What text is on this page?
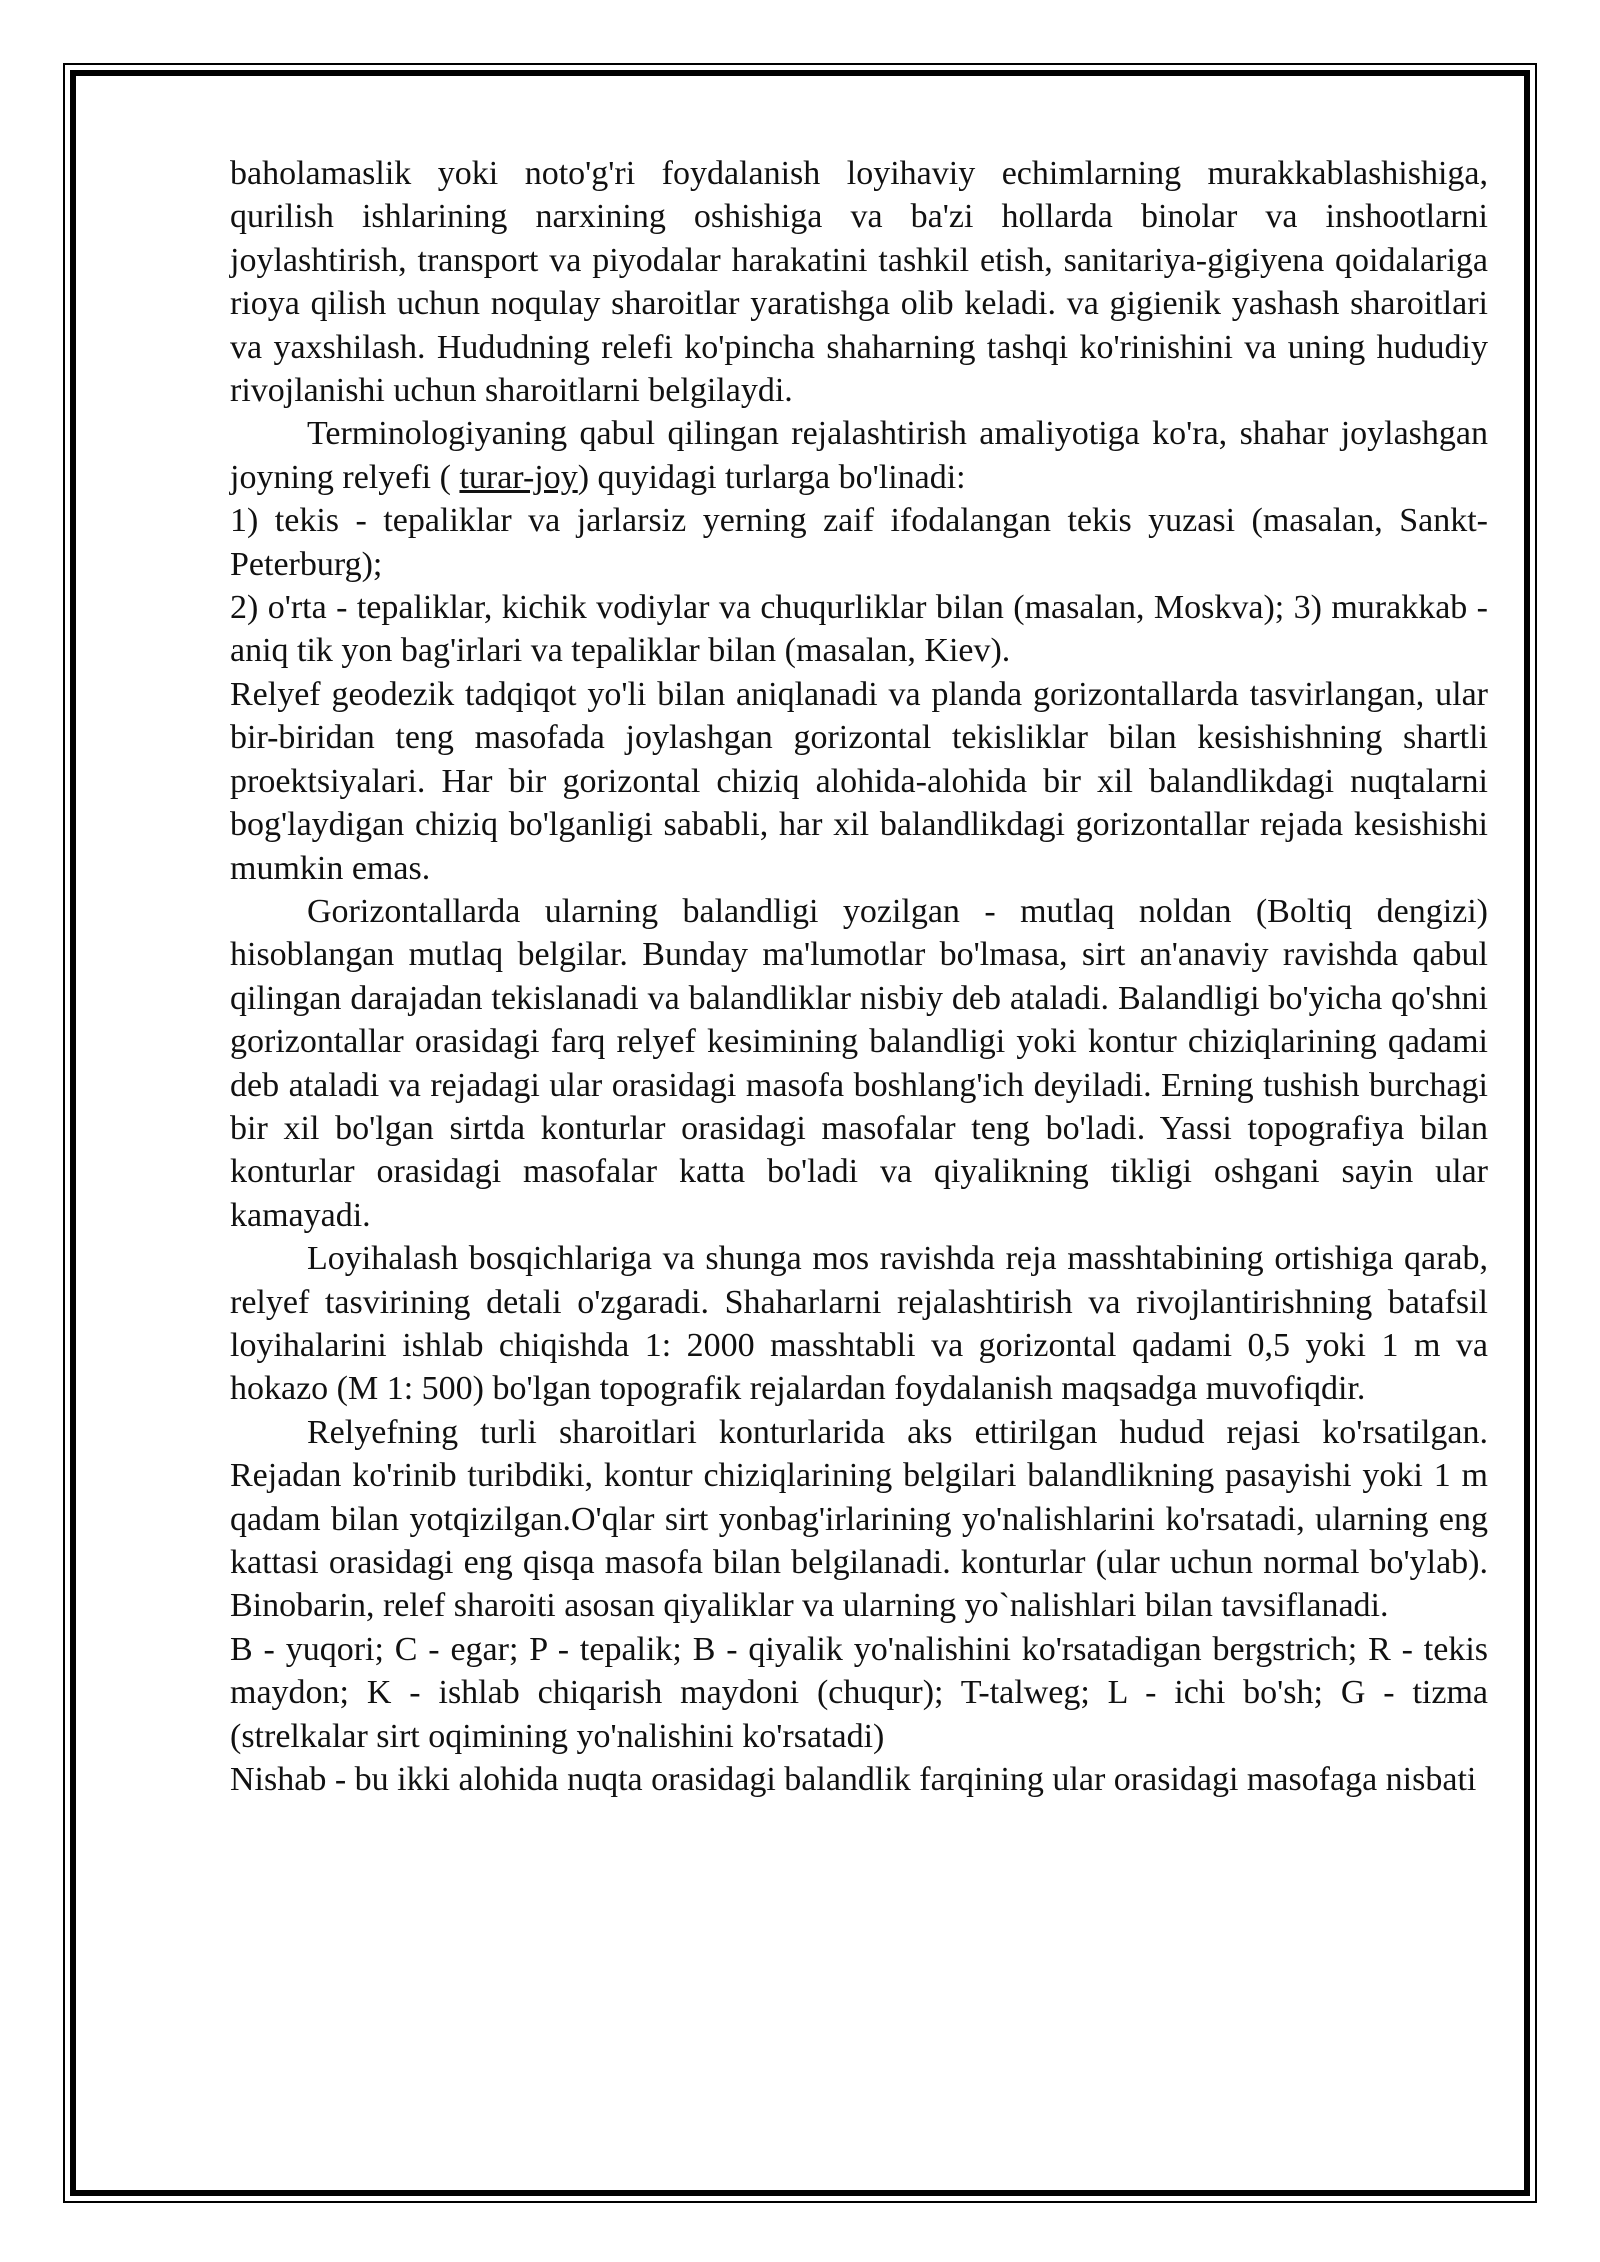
baholamaslik yoki noto'g'ri foydalanish loyihaviy echimlarning murakkablashishiga, qurilish ishlarining narxining oshishiga va ba'zi hollarda binolar va inshootlarni joylashtirish, transport va piyodalar harakatini tashkil etish, sanitariya-gigiyena qoidalariga rioya qilish uchun noqulay sharoitlar yaratishga olib keladi. va gigienik yashash sharoitlari va yaxshilash. Hududning relefi ko'pincha shaharning tashqi ko'rinishini va uning hududiy rivojlanishi uchun sharoitlarni belgilaydi.

Terminologiyaning qabul qilingan rejalashtirish amaliyotiga ko'ra, shahar joylashgan joyning relyefi ( turar-joy) quyidagi turlarga bo'linadi:

1) tekis - tepaliklar va jarlarsiz yerning zaif ifodalangan tekis yuzasi (masalan, Sankt-Peterburg);

2) o'rta - tepaliklar, kichik vodiylar va chuqurliklar bilan (masalan, Moskva); 3) murakkab - aniq tik yon bag'irlari va tepaliklar bilan (masalan, Kiev).

Relyef geodezik tadqiqot yo'li bilan aniqlanadi va planda gorizontallarda tasvirlangan, ular bir-biridan teng masofada joylashgan gorizontal tekisliklar bilan kesishishning shartli proektsiyalari. Har bir gorizontal chiziq alohida-alohida bir xil balandlikdagi nuqtalarni bog'laydigan chiziq bo'lganligi sababli, har xil balandlikdagi gorizontallar rejada kesishishi mumkin emas.

Gorizontallarda ularning balandligi yozilgan - mutlaq noldan (Boltiq dengizi) hisoblangan mutlaq belgilar. Bunday ma'lumotlar bo'lmasa, sirt an'anaviy ravishda qabul qilingan darajadan tekislanadi va balandliklar nisbiy deb ataladi. Balandligi bo'yicha qo'shni gorizontallar orasidagi farq relyef kesimining balandligi yoki kontur chiziqlarining qadami deb ataladi va rejadagi ular orasidagi masofa boshlang'ich deyiladi. Erning tushish burchagi bir xil bo'lgan sirtda konturlar orasidagi masofalar teng bo'ladi. Yassi topografiya bilan konturlar orasidagi masofalar katta bo'ladi va qiyalikning tikligi oshgani sayin ular kamayadi.

Loyihalash bosqichlariga va shunga mos ravishda reja masshtabining ortishiga qarab, relyef tasvirining detali o'zgaradi. Shaharlarni rejalashtirish va rivojlantirishning batafsil loyihalarini ishlab chiqishda 1: 2000 masshtabli va gorizontal qadami 0,5 yoki 1 m va hokazo (M 1: 500) bo'lgan topografik rejalardan foydalanish maqsadga muvofiqdir.

Relyefning turli sharoitlari konturlarida aks ettirilgan hudud rejasi ko'rsatilgan. Rejadan ko'rinib turibdiki, kontur chiziqlarining belgilari balandlikning pasayishi yoki 1 m qadam bilan yotqizilgan.O'qlar sirt yonbag'irlarining yo'nalishlarini ko'rsatadi, ularning eng kattasi orasidagi eng qisqa masofa bilan belgilanadi. konturlar (ular uchun normal bo'ylab). Binobarin, relef sharoiti asosan qiyaliklar va ularning yo`nalishlari bilan tavsiflanadi.

B - yuqori; C - egar; P - tepalik; B - qiyalik yo'nalishini ko'rsatadigan bergstrich; R - tekis maydon; K - ishlab chiqarish maydoni (chuqur); T-talweg; L - ichi bo'sh; G - tizma (strelkalar sirt oqimining yo'nalishini ko'rsatadi)

Nishab - bu ikki alohida nuqta orasidagi balandlik farqining ular orasidagi masofaga nisbati
